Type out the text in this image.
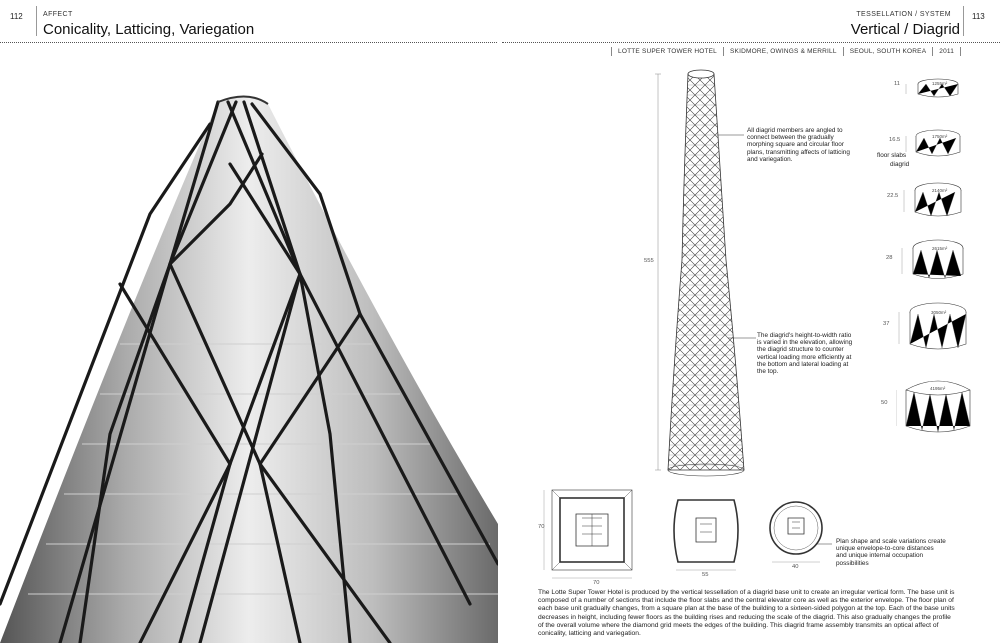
112	AFFECT
Conicality, Latticing, Variegation
TESSELLATION / SYSTEM
Vertical / Diagrid
113
LOTTE SUPER TOWER HOTEL SKIDMORE, OWINGS & MERRILL SEOUL, SOUTH KOREA 2011
555
All diagrid members are angled to connect between the gradually morphing square and circular floor plans, transmitting affects of latticing and variegation.
The diagrid's height-to-width ratio is varied in the elevation, allowing the diagrid structure to counter vertical loading more efficiently at the bottom and lateral loading at the top.
11
16.5
22.5
28
37
50
1255m²
1750m²
2140m²
2615m²
3050m²
4195m²
floor slabs
diagrid
70
70
55
40
Plan shape and scale variations create unique envelope-to-core distances and unique internal occupation possibilities
The Lotte Super Tower Hotel is produced by the vertical tessellation of a diagrid base unit to create an irregular vertical form. The base unit is composed of a number of sections that include the floor slabs and the central elevator core as well as the exterior envelope. The floor plan of each base unit gradually changes, from a square plan at the base of the building to a sixteen-sided polygon at the top. Each of the base units decreases in height, including fewer floors as the building rises and reducing the scale of the diagrid. This also gradually changes the profile of the overall volume where the diamond grid meets the edges of the building. This diagrid frame assembly transmits an optical affect of conicality, latticing and variegation.
